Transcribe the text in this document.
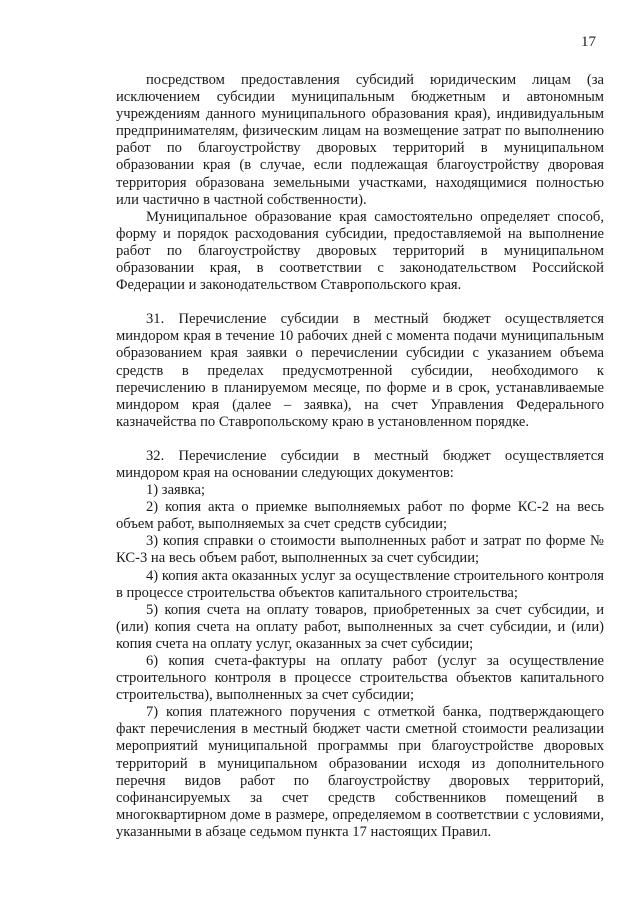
17

посредством предоставления субсидий юридическим лицам (за исключением субсидии муниципальным бюджетным и автономным учреждениям данного муниципального образования края), индивидуальным предпринимателям, физическим лицам на возмещение затрат по выполнению работ по благоустройству дворовых территорий в муниципальном образовании края (в случае, если подлежащая благоустройству дворовая территория образована земельными участками, находящимися полностью или частично в частной собственности).

Муниципальное образование края самостоятельно определяет способ, форму и порядок расходования субсидии, предоставляемой на выполнение работ по благоустройству дворовых территорий в муниципальном образовании края, в соответствии с законодательством Российской Федерации и законодательством Ставропольского края.

31. Перечисление субсидии в местный бюджет осуществляется миндором края в течение 10 рабочих дней с момента подачи муниципальным образованием края заявки о перечислении субсидии с указанием объема средств в пределах предусмотренной субсидии, необходимого к перечислению в планируемом месяце, по форме и в срок, устанавливаемые миндором края (далее – заявка), на счет Управления Федерального казначейства по Ставропольскому краю в установленном порядке.

32. Перечисление субсидии в местный бюджет осуществляется миндором края на основании следующих документов:

1) заявка;

2) копия акта о приемке выполняемых работ по форме КС-2 на весь объем работ, выполняемых за счет средств субсидии;

3) копия справки о стоимости выполненных работ и затрат по форме № КС-3 на весь объем работ, выполненных за счет субсидии;

4) копия акта оказанных услуг за осуществление строительного контроля в процессе строительства объектов капитального строительства;

5) копия счета на оплату товаров, приобретенных за счет субсидии, и (или) копия счета на оплату работ, выполненных за счет субсидии, и (или) копия счета на оплату услуг, оказанных за счет субсидии;

6) копия счета-фактуры на оплату работ (услуг за осуществление строительного контроля в процессе строительства объектов капитального строительства), выполненных за счет субсидии;

7) копия платежного поручения с отметкой банка, подтверждающего факт перечисления в местный бюджет части сметной стоимости реализации мероприятий муниципальной программы при благоустройстве дворовых территорий в муниципальном образовании исходя из дополнительного перечня видов работ по благоустройству дворовых территорий, софинансируемых за счет средств собственников помещений в многоквартирном доме в размере, определяемом в соответствии с условиями, указанными в абзаце седьмом пункта 17 настоящих Правил.
